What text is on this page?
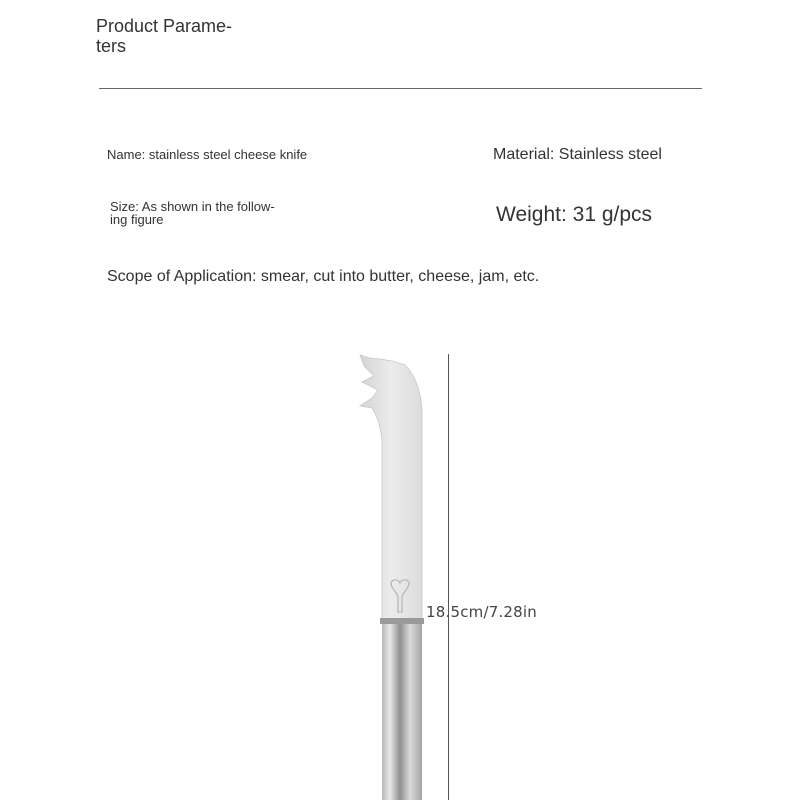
Product Parame-
ters
Name: stainless steel cheese knife
Size: As shown in the follow-
ing figure
Material: Stainless steel
Weight: 31 g/pcs
Scope of Application: smear, cut into butter, cheese, jam, etc.
18.5cm/7.28in
